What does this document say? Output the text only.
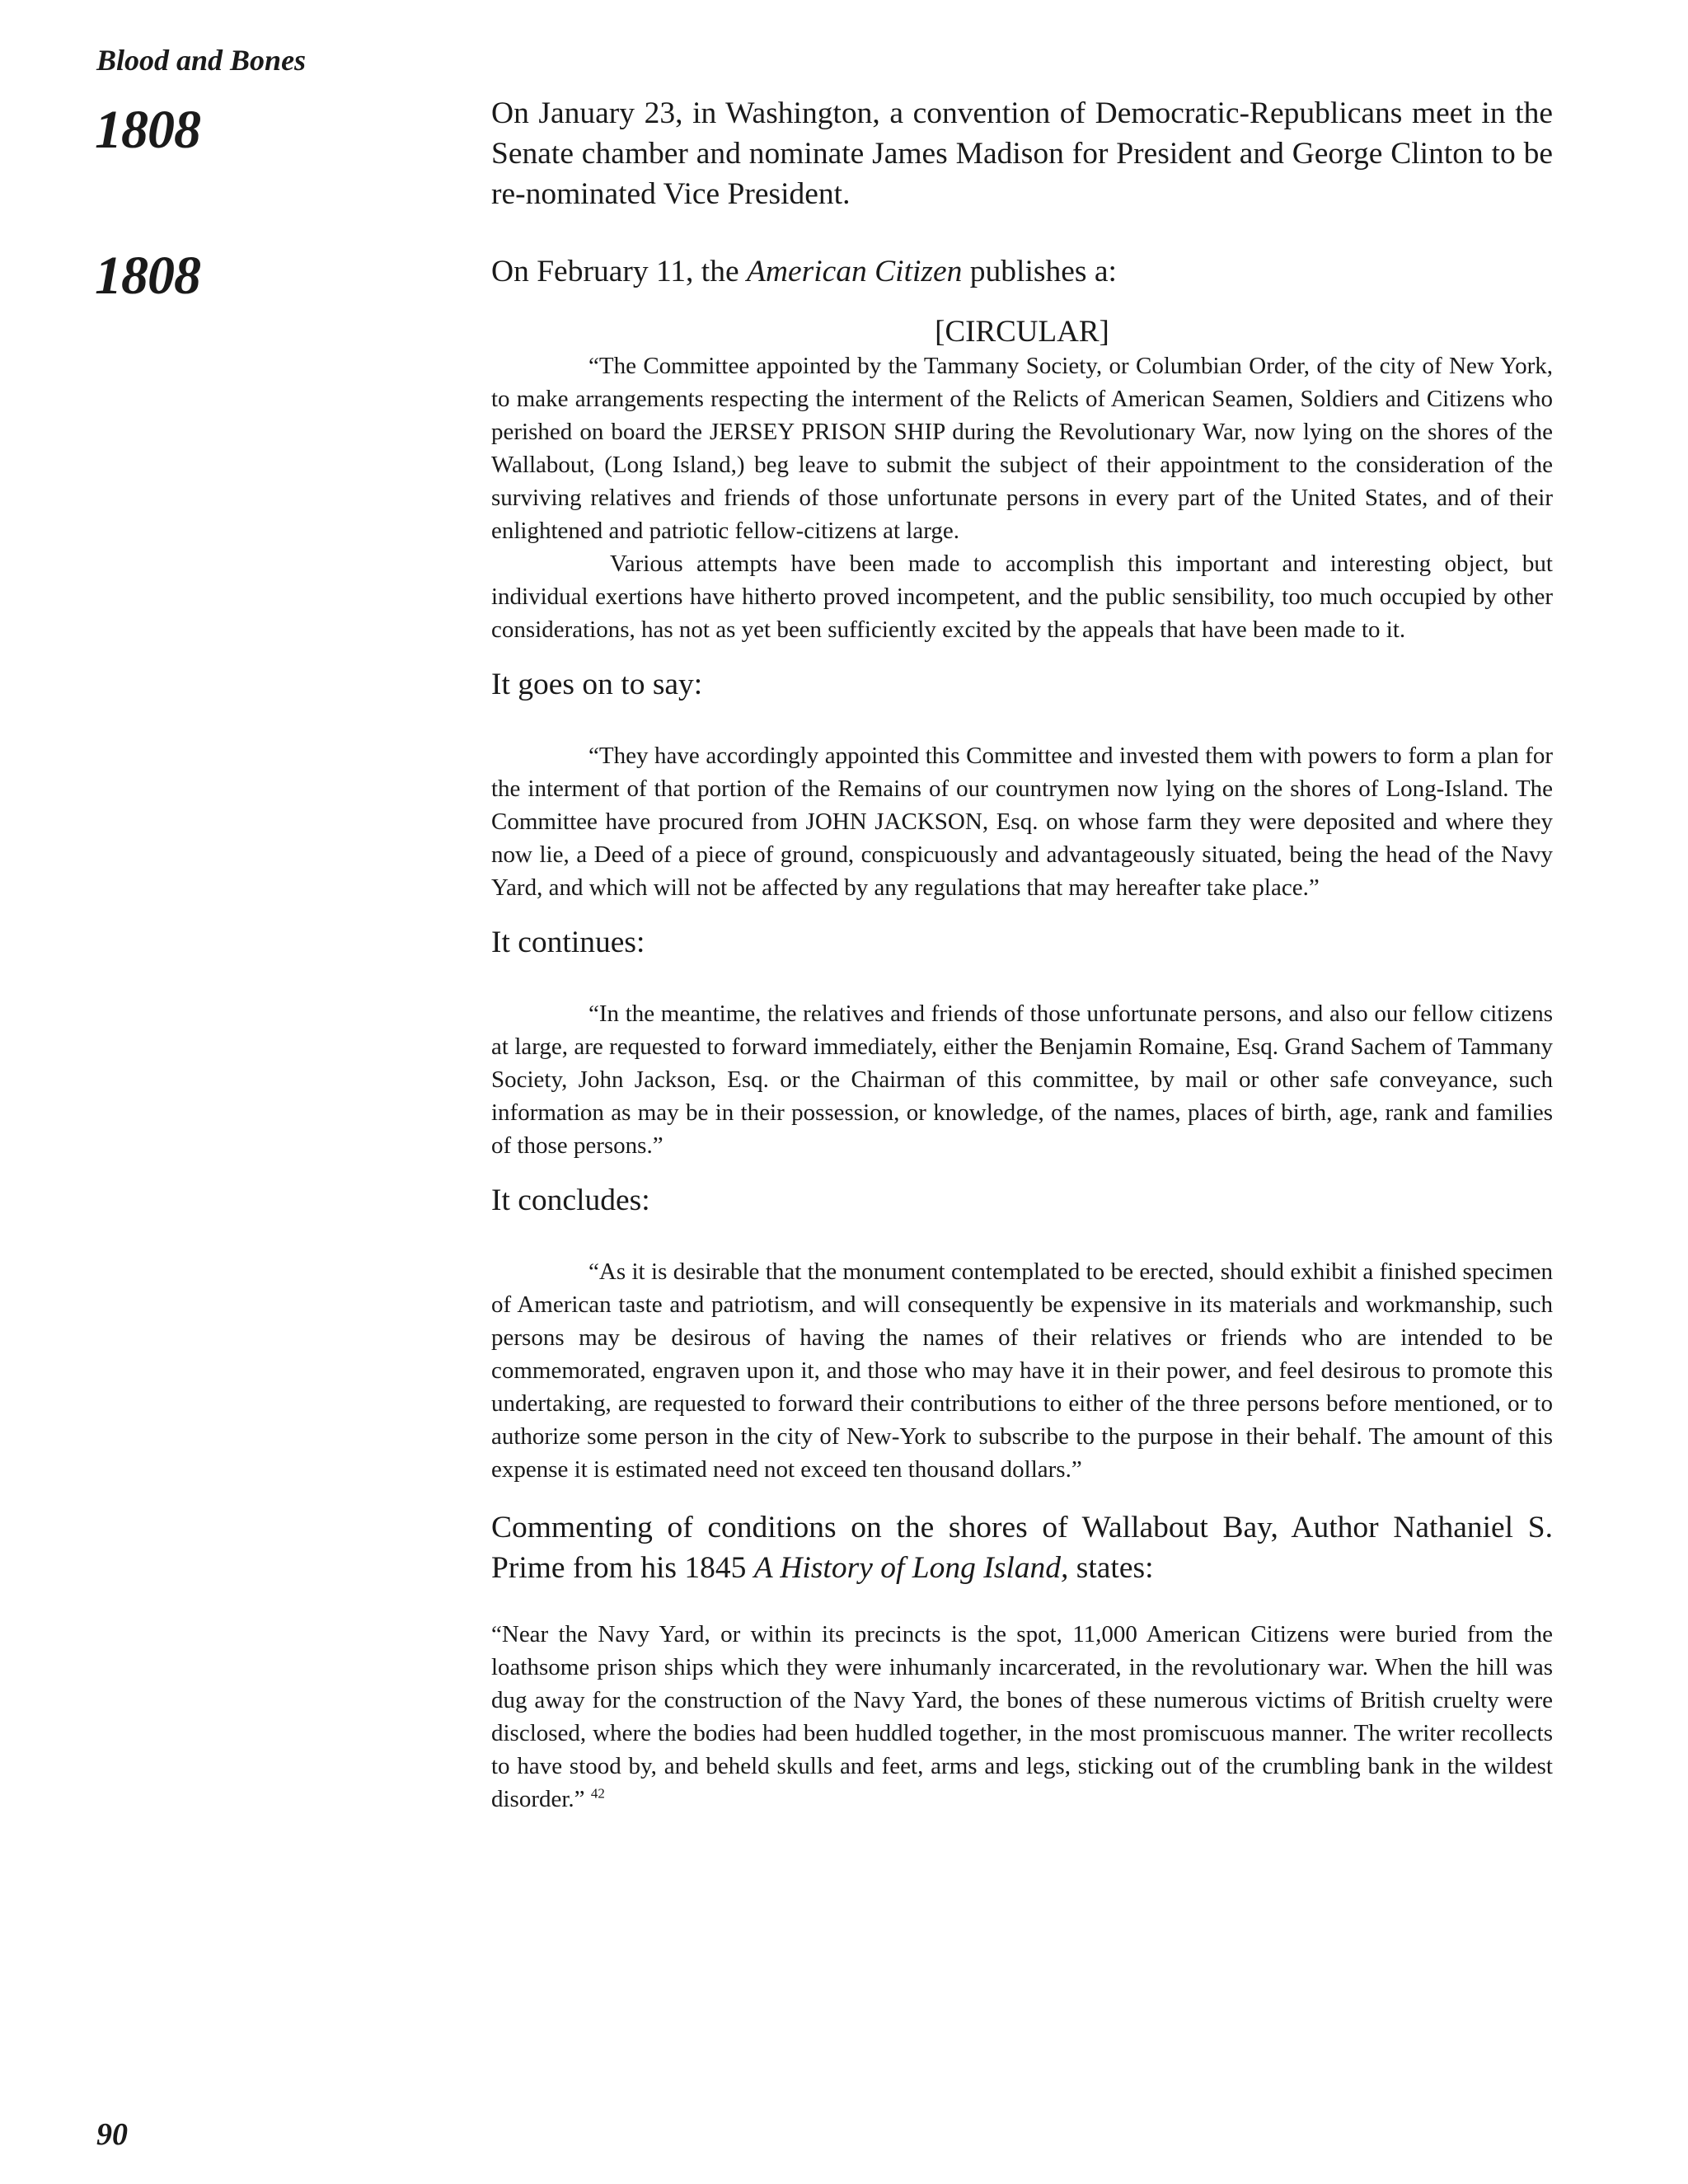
Blood and Bones

1808

1808

On January 23, in Washington, a convention of Democratic-Republicans meet in the Senate chamber and nominate James Madison for President and George Clinton to be re-nominated Vice President.

On February 11, the American Citizen publishes a:

[CIRCULAR]

“The Committee appointed by the Tammany Society, or Columbian Order, of the city of New York, to make arrangements respecting the interment of the Relicts of American Seamen, Soldiers and Citizens who perished on board the JERSEY PRISON SHIP during the Revolutionary War, now lying on the shores of the Wallabout, (Long Island,) beg leave to submit the subject of their appointment to the consideration of the surviving relatives and friends of those unfortunate persons in every part of the United States, and of their enlightened and patriotic fellow-citizens at large.

Various attempts have been made to accomplish this important and interesting object, but individual exertions have hitherto proved incompetent, and the public sensibility, too much occupied by other considerations, has not as yet been sufficiently excited by the appeals that have been made to it.

It goes on to say:

“They have accordingly appointed this Committee and invested them with powers to form a plan for the interment of that portion of the Remains of our countrymen now lying on the shores of Long-Island. The Committee have procured from JOHN JACKSON, Esq. on whose farm they were deposited and where they now lie, a Deed of a piece of ground, conspicuously and advantageously situated, being the head of the Navy Yard, and which will not be affected by any regulations that may hereafter take place.”

It continues:

“In the meantime, the relatives and friends of those unfortunate persons, and also our fellow citizens at large, are requested to forward immediately, either the Benjamin Romaine, Esq. Grand Sachem of Tammany Society, John Jackson, Esq. or the Chairman of this committee, by mail or other safe conveyance, such information as may be in their possession, or knowledge, of the names, places of birth, age, rank and families of those persons.”

It concludes:

“As it is desirable that the monument contemplated to be erected, should exhibit a finished specimen of American taste and patriotism, and will consequently be expensive in its materials and workmanship, such persons may be desirous of having the names of their relatives or friends who are intended to be commemorated, engraven upon it, and those who may have it in their power, and feel desirous to promote this undertaking, are requested to forward their contributions to either of the three persons before mentioned, or to authorize some person in the city of New-York to subscribe to the purpose in their behalf. The amount of this expense it is estimated need not exceed ten thousand dollars.”

Commenting of conditions on the shores of Wallabout Bay, Author Nathaniel S. Prime from his 1845 A History of Long Island, states:

“Near the Navy Yard, or within its precincts is the spot, 11,000 American Citizens were buried from the loathsome prison ships which they were inhumanly incarcerated, in the revolutionary war. When the hill was dug away for the construction of the Navy Yard, the bones of these numerous victims of British cruelty were disclosed, where the bodies had been huddled together, in the most promiscuous manner. The writer recollects to have stood by, and beheld skulls and feet, arms and legs, sticking out of the crumbling bank in the wildest disorder.” $^{42}$

90
